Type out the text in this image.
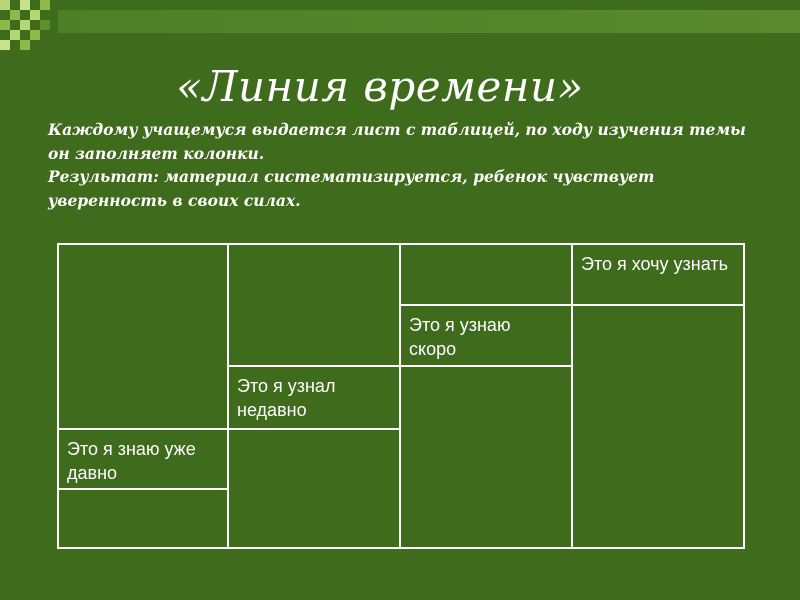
«Линия времени»

Каждому учащемуся выдается лист с таблицей, по ходу изучения темы он заполняет колонки.

Результат: материал систематизируется, ребенок чувствует уверенность в своих силах.

Это я хочу узнать
Это я узнаю скоро
Это я узнал недавно
Это я знаю уже давно
